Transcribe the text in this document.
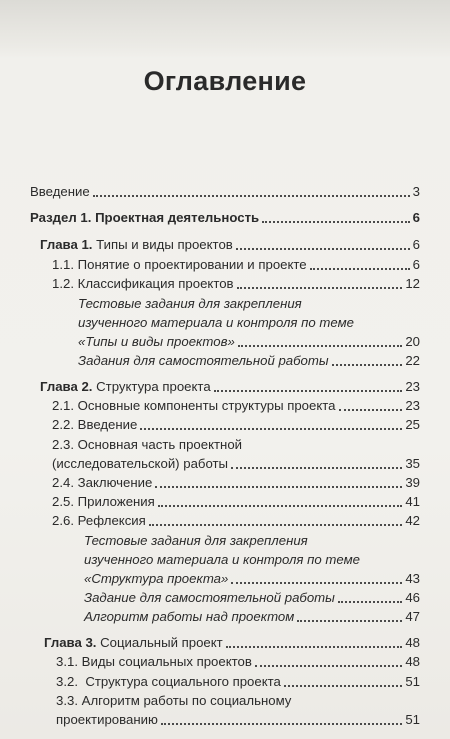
Оглавление
Введение	3
Раздел 1. Проектная деятельность	6
Глава 1. Типы и виды проектов	6
1.1. Понятие о проектировании и проекте	6
1.2. Классификация проектов	12
Тестовые задания для закрепления
изученного материала и контроля по теме
«Типы и виды проектов»	20
Задания для самостоятельной работы	22
Глава 2. Структура проекта	23
2.1. Основные компоненты структуры проекта	23
2.2. Введение	25
2.3. Основная часть проектной
(исследовательской) работы	35
2.4. Заключение	39
2.5. Приложения	41
2.6. Рефлексия	42
Тестовые задания для закрепления
изученного материала и контроля по теме
«Структура проекта»	43
Задание для самостоятельной работы	46
Алгоритм работы над проектом	47
Глава 3. Социальный проект	48
3.1. Виды социальных проектов	48
3.2.  Структура социального проекта	51
3.3. Алгоритм работы по социальному
проектированию	51
